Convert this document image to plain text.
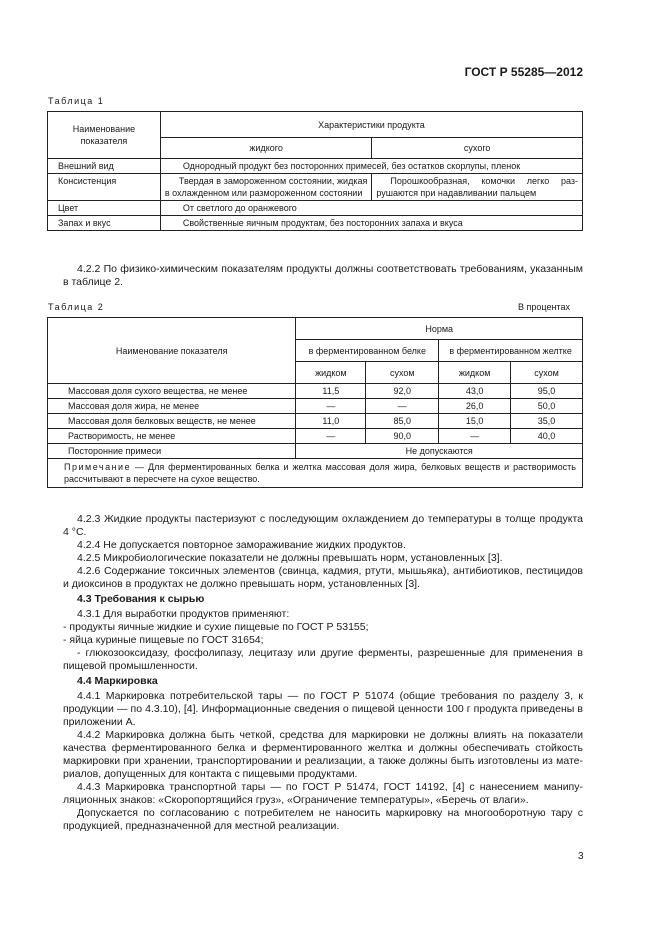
ГОСТ Р 55285—2012
Таблица 1
Наименование показателя	Характеристики продукта	
	жидкого	сухого
Внешний вид	Однородный продукт без посторонних примесей, без остатков скорлупы, пленок	
Консистенция	Твердая в замороженном состоянии, жидкая в охлажденном или размороженном состоянии	Порошкообразная, комочки легко разрушаются при надавливании пальцем
Цвет	От светлого до оранжевого	
Запах и вкус	Свойственные яичным продуктам, без посторонних запаха и вкуса	

4.2.2 По физико-химическим показателям продукты должны соответствовать требованиям, указанным в таблице 2.

Таблица 2	В процентах
Наименование показателя	Норма			
	в ферментированном белке		в ферментированном желтке	
	жидком	сухом	жидком	сухом
Массовая доля сухого вещества, не менее	11,5	92,0	43,0	95,0
Массовая доля жира, не менее	—	—	26,0	50,0
Массовая доля белковых веществ, не менее	11,0	85,0	15,0	35,0
Растворимость, не менее	—	90,0	—	40,0
Посторонние примеси	Не допускаются			
Примечание — Для ферментированных белка и желтка массовая доля жира, белковых веществ и растворимость рассчитывают в пересчете на сухое вещество.				

4.2.3 Жидкие продукты пастеризуют с последующим охлаждением до температуры в толще продукта 4 °С.

4.2.4 Не допускается повторное замораживание жидких продуктов.

4.2.5 Микробиологические показатели не должны превышать норм, установленных [3].

4.2.6 Содержание токсичных элементов (свинца, кадмия, ртути, мышьяка), антибиотиков, пестицидов и диоксинов в продуктах не должно превышать норм, установленных [3].

4.3 Требования к сырью

4.3.1 Для выработки продуктов применяют:

- продукты яичные жидкие и сухие пищевые по ГОСТ Р 53155;

- яйца куриные пищевые по ГОСТ 31654;

- глюкозооксидазу, фосфолипазу, лецитазу или другие ферменты, разрешенные для применения в пищевой промышленности.

4.4 Маркировка

4.4.1 Маркировка потребительской тары — по ГОСТ Р 51074 (общие требования по разделу 3, к продукции — по 4.3.10), [4]. Информационные сведения о пищевой ценности 100 г продукта приведены в приложении А.

4.4.2 Маркировка должна быть четкой, средства для маркировки не должны влиять на показатели качества ферментированного белка и ферментированного желтка и должны обеспечивать стойкость маркировки при хранении, транспортировании и реализации, а также должны быть изготовлены из материалов, допущенных для контакта с пищевыми продуктами.

4.4.3 Маркировка транспортной тары — по ГОСТ Р 51474, ГОСТ 14192, [4] с нанесением манипуляционных знаков: «Скоропортящийся груз», «Ограничение температуры», «Беречь от влаги».

Допускается по согласованию с потребителем не наносить маркировку на многооборотную тару с продукцией, предназначенной для местной реализации.

3
